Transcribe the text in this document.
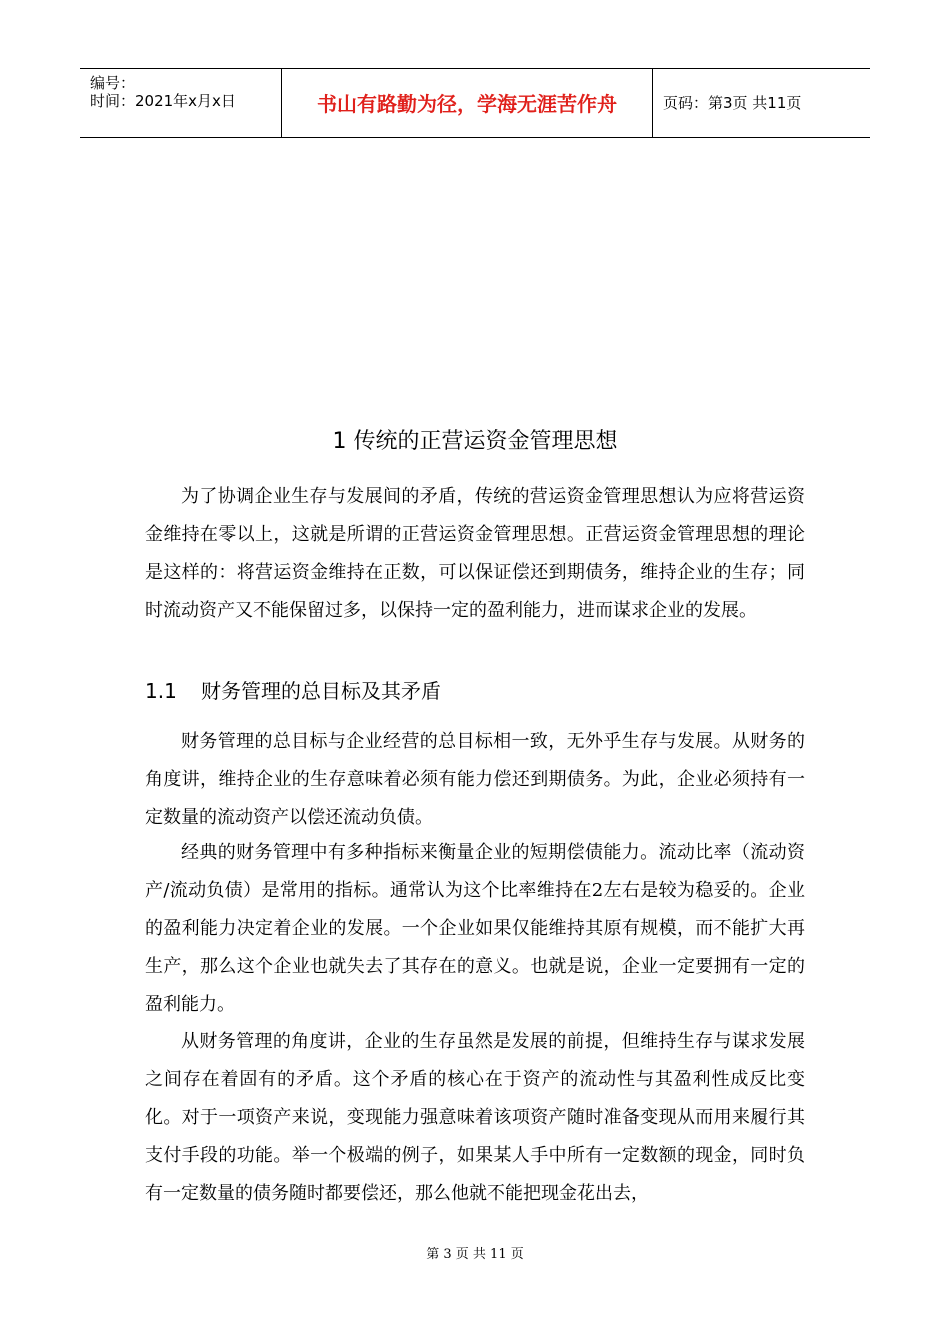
编号：
时间：2021年x月x日	书山有路勤为径，学海无涯苦作舟	页码：第3页 共11页
1 传统的正营运资金管理思想

为了协调企业生存与发展间的矛盾，传统的营运资金管理思想认为应将营运资金维持在零以上，这就是所谓的正营运资金管理思想。正营运资金管理思想的理论是这样的：将营运资金维持在正数，可以保证偿还到期债务，维持企业的生存；同时流动资产又不能保留过多，以保持一定的盈利能力，进而谋求企业的发展。

1.1 财务管理的总目标及其矛盾

财务管理的总目标与企业经营的总目标相一致，无外乎生存与发展。从财务的角度讲，维持企业的生存意味着必须有能力偿还到期债务。为此，企业必须持有一定数量的流动资产以偿还流动负债。

经典的财务管理中有多种指标来衡量企业的短期偿债能力。流动比率（流动资产/流动负债）是常用的指标。通常认为这个比率维持在2左右是较为稳妥的。企业的盈利能力决定着企业的发展。一个企业如果仅能维持其原有规模，而不能扩大再生产，那么这个企业也就失去了其存在的意义。也就是说，企业一定要拥有一定的盈利能力。

从财务管理的角度讲，企业的生存虽然是发展的前提，但维持生存与谋求发展之间存在着固有的矛盾。这个矛盾的核心在于资产的流动性与其盈利性成反比变化。对于一项资产来说，变现能力强意味着该项资产随时准备变现从而用来履行其支付手段的功能。举一个极端的例子，如果某人手中所有一定数额的现金，同时负有一定数量的债务随时都要偿还，那么他就不能把现金花出去，

第 3 页 共 11 页
